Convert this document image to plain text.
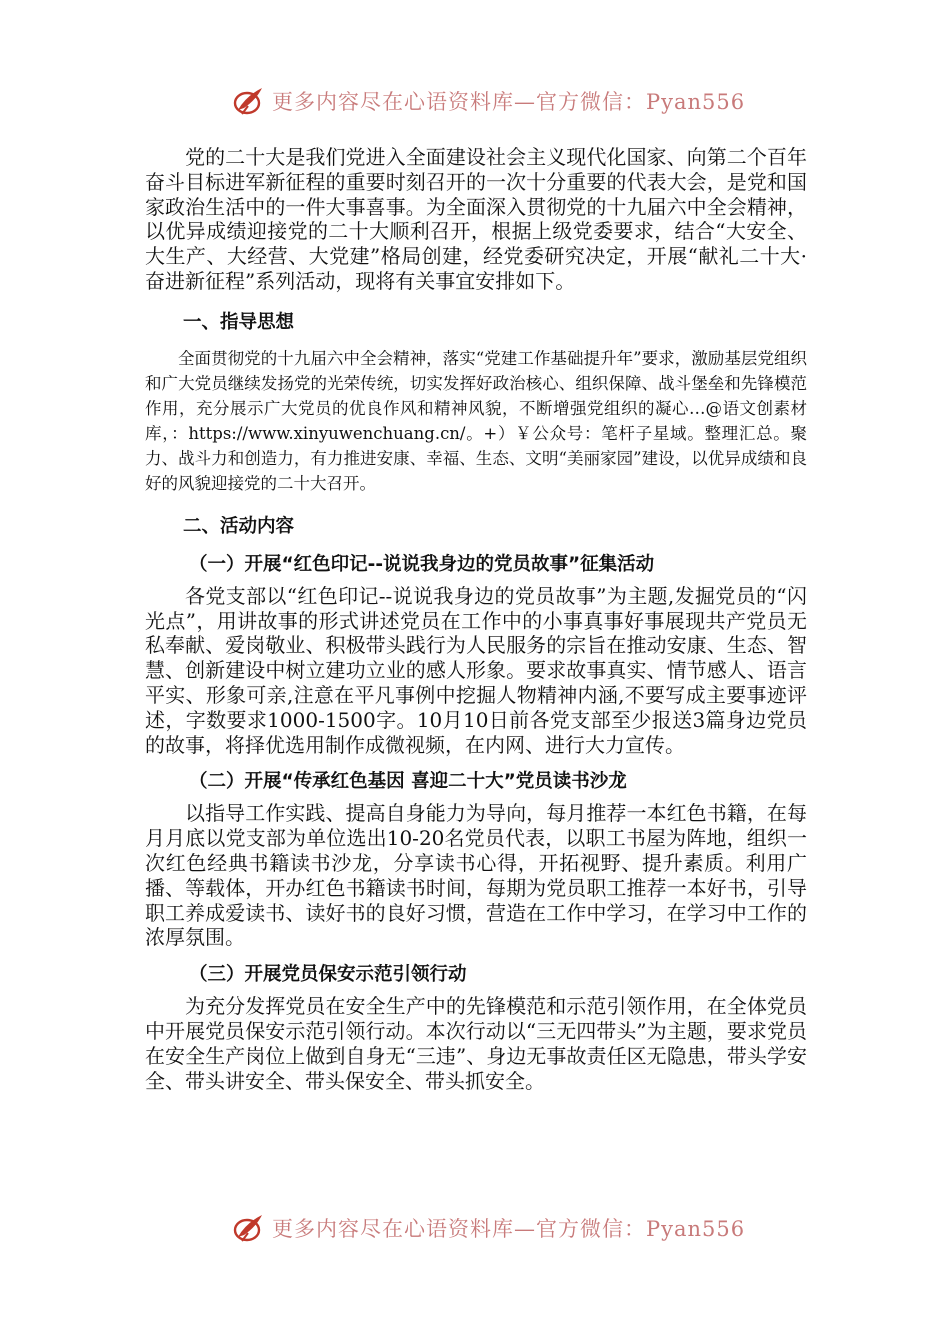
更多内容尽在心语资料库—官方微信：Pyan556

党的二十大是我们党进入全面建设社会主义现代化国家、向第二个百年奋斗目标进军新征程的重要时刻召开的一次十分重要的代表大会，是党和国家政治生活中的一件大事喜事。为全面深入贯彻党的十九届六中全会精神，以优异成绩迎接党的二十大顺利召开，根据上级党委要求，结合“大安全、大生产、大经营、大党建”格局创建，经党委研究决定，开展“献礼二十大·奋进新征程”系列活动，现将有关事宜安排如下。

一、指导思想

全面贯彻党的十九届六中全会精神，落实“党建工作基础提升年”要求，激励基层党组织和广大党员继续发扬党的光荣传统，切实发挥好政治核心、组织保障、战斗堡垒和先锋模范作用，充分展示广大党员的优良作风和精神风貌，不断增强党组织的凝心…@语文创素材库，：https://www.xinyuwenchuang.cn/。+）￥公众号：笔杆子星域。整理汇总。聚力、战斗力和创造力，有力推进安康、幸福、生态、文明“美丽家园”建设，以优异成绩和良好的风貌迎接党的二十大召开。

二、活动内容
（一）开展“红色印记--说说我身边的党员故事”征集活动

各党支部以“红色印记--说说我身边的党员故事”为主题,发掘党员的“闪光点”，用讲故事的形式讲述党员在工作中的小事真事好事展现共产党员无私奉献、爱岗敬业、积极带头践行为人民服务的宗旨在推动安康、生态、智慧、创新建设中树立建功立业的感人形象。要求故事真实、情节感人、语言平实、形象可亲,注意在平凡事例中挖掘人物精神内涵,不要写成主要事迹评述，字数要求1000-1500字。10月10日前各党支部至少报送3篇身边党员的故事，将择优选用制作成微视频，在内网、进行大力宣传。

（二）开展“传承红色基因 喜迎二十大”党员读书沙龙

以指导工作实践、提高自身能力为导向，每月推荐一本红色书籍，在每月月底以党支部为单位选出10-20名党员代表，以职工书屋为阵地，组织一次红色经典书籍读书沙龙，分享读书心得，开拓视野、提升素质。利用广播、等载体，开办红色书籍读书时间，每期为党员职工推荐一本好书，引导职工养成爱读书、读好书的良好习惯，营造在工作中学习，在学习中工作的浓厚氛围。

（三）开展党员保安示范引领行动

为充分发挥党员在安全生产中的先锋模范和示范引领作用，在全体党员中开展党员保安示范引领行动。本次行动以“三无四带头”为主题，要求党员在安全生产岗位上做到自身无“三违”、身边无事故责任区无隐患，带头学安全、带头讲安全、带头保安全、带头抓安全。

更多内容尽在心语资料库—官方微信：Pyan556
